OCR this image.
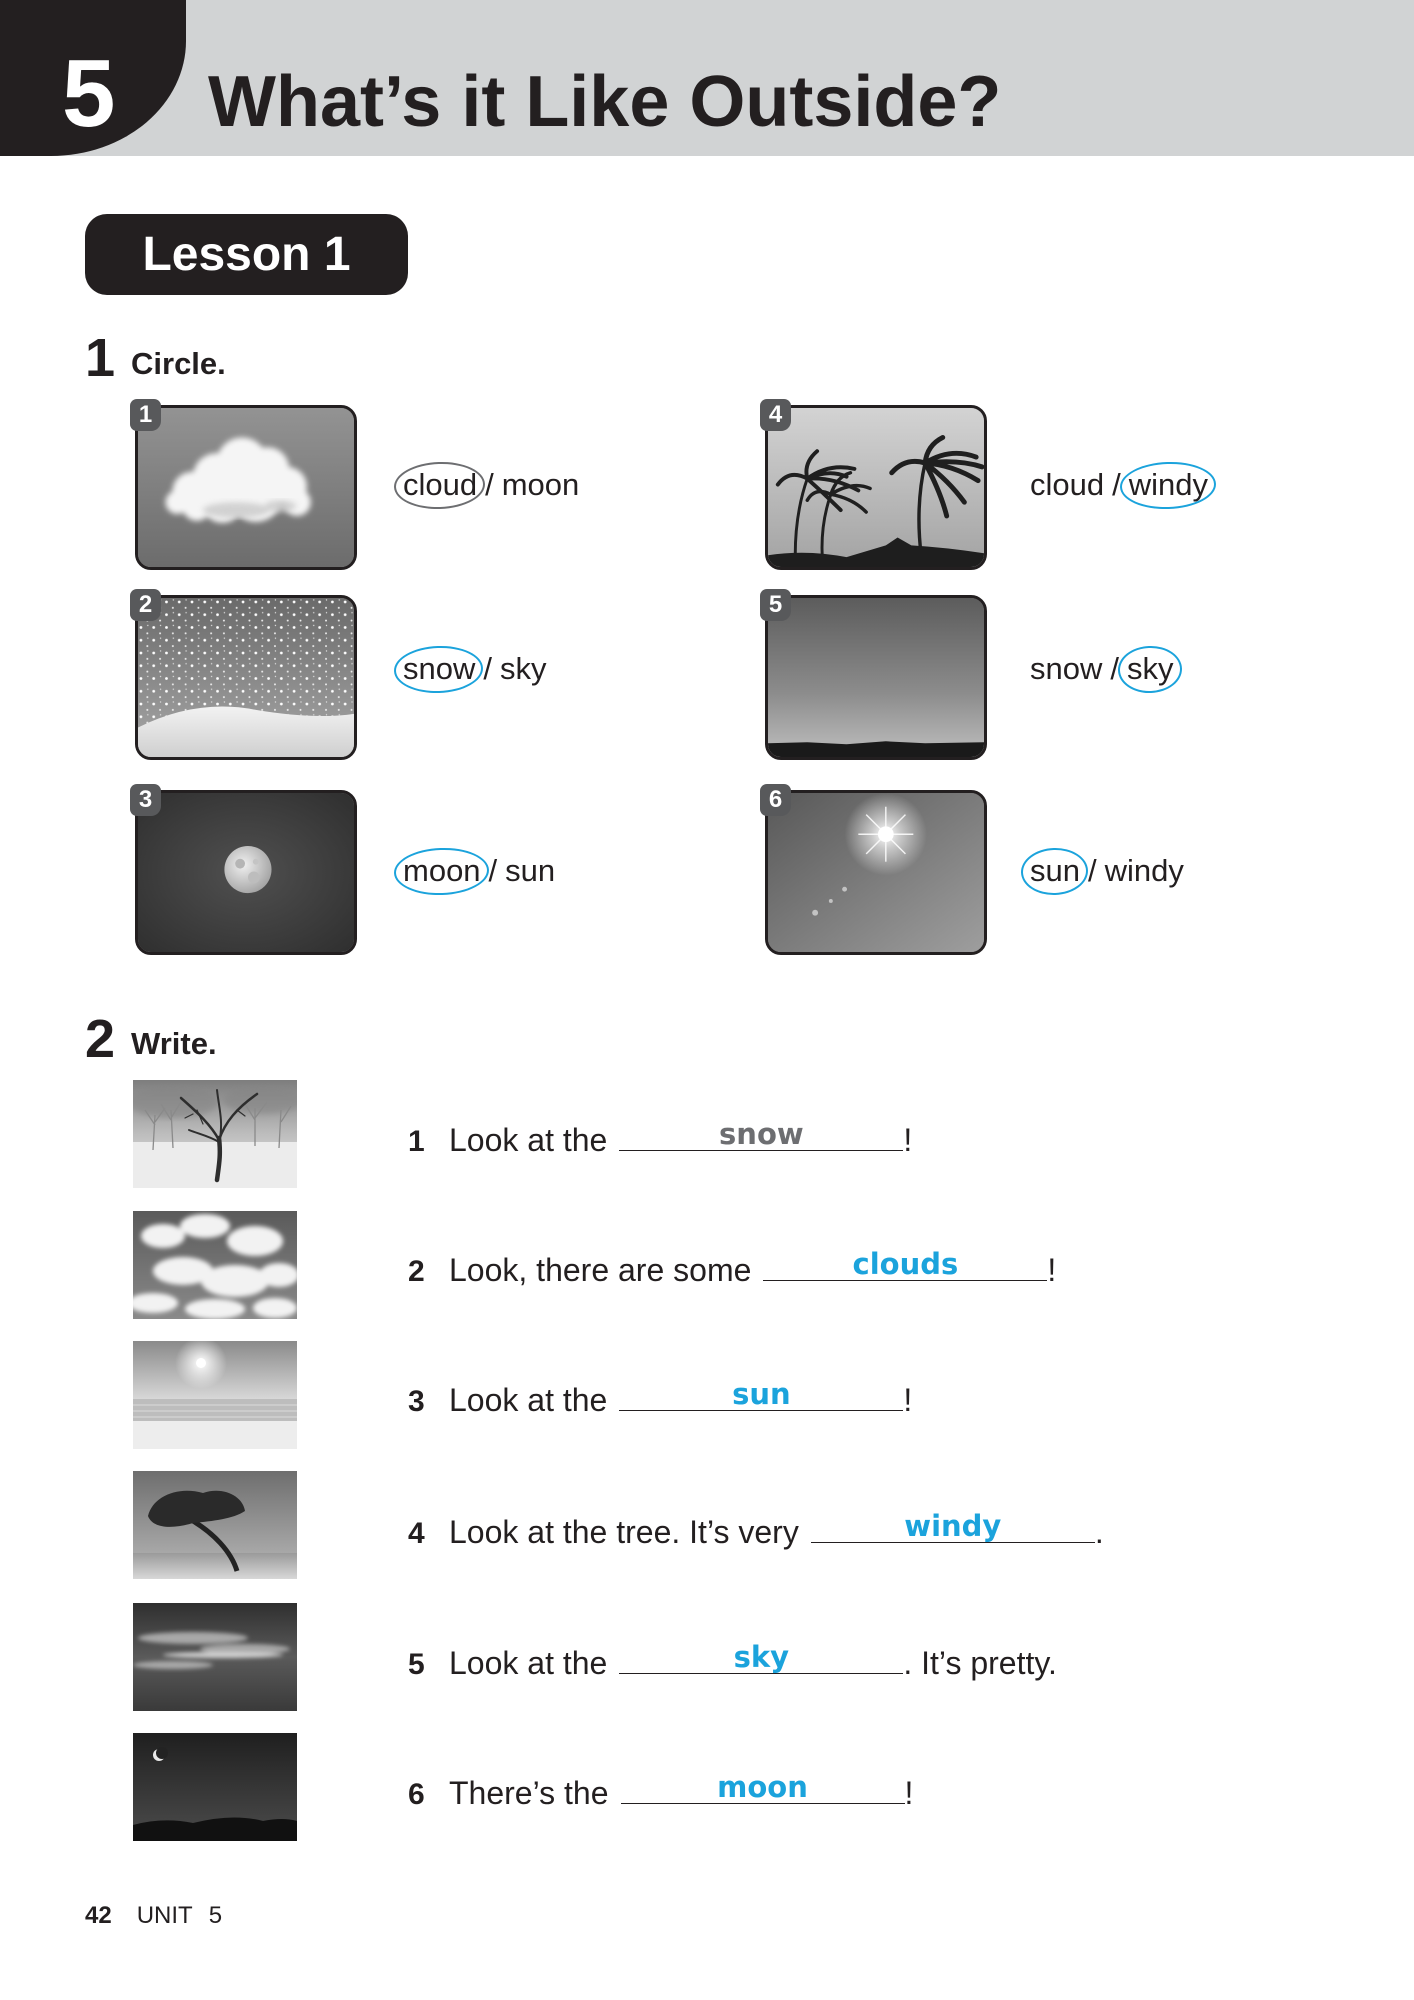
5 What’s it Like Outside?
Lesson 1
1 Circle.
1
cloud / moon
2
snow / sky
3
moon / sun
4
cloud / windy
5
snow / sky
6
sun / windy
2 Write.
1 Look at the	snow	!
2 Look, there are some	clouds	!
3 Look at the	sun	!
4 Look at the tree. It’s very	windy	.
5 Look at the	sky	. It’s pretty.
6 There’s the	moon	!
42 UNIT 5
